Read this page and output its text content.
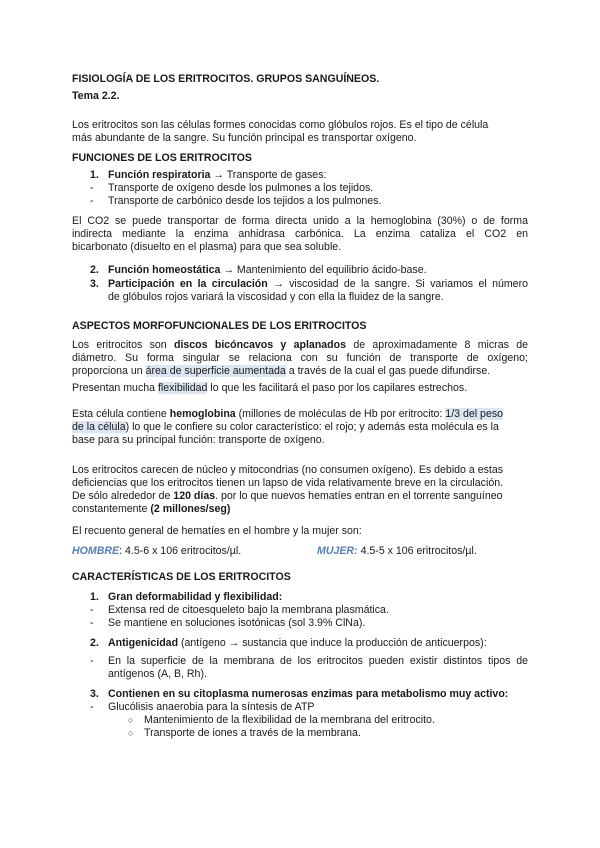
FISIOLOGÍA DE LOS ERITROCITOS. GRUPOS SANGUÍNEOS.
Tema 2.2.
Los eritrocitos son las células formes conocidas como glóbulos rojos. Es el tipo de célula
más abundante de la sangre. Su función principal es transportar oxígeno.
FUNCIONES DE LOS ERITROCITOS
1. Función respiratoria → Transporte de gases:
- Transporte de oxígeno desde los pulmones a los tejidos.
- Transporte de carbónico desde los tejidos a los pulmones.
El CO2 se puede transportar de forma directa unido a la hemoglobina (30%) o de forma
indirecta mediante la enzima anhidrasa carbónica. La enzima cataliza el CO2 en
bicarbonato (disuelto en el plasma) para que sea soluble.
2. Función homeostática → Mantenimiento del equilibrio ácido-base.
3. Participación en la circulación → viscosidad de la sangre. Si variamos el número
de glóbulos rojos variará la viscosidad y con ella la fluidez de la sangre.
ASPECTOS MORFOFUNCIONALES DE LOS ERITROCITOS
Los eritrocitos son discos bicóncavos y aplanados de aproximadamente 8 micras de
diámetro. Su forma singular se relaciona con su función de transporte de oxígeno;
proporciona un área de superficie aumentada a través de la cual el gas puede difundirse.
Presentan mucha flexibilidad lo que les facilitará el paso por los capilares estrechos.
Esta célula contiene hemoglobina (millones de moléculas de Hb por eritrocito: 1/3 del peso
de la célula) lo que le confiere su color característico: el rojo; y además esta molécula es la
base para su principal función: transporte de oxígeno.
Los eritrocitos carecen de núcleo y mitocondrias (no consumen oxígeno). Es debido a estas
deficiencias que los eritrocitos tienen un lapso de vida relativamente breve en la circulación.
De sólo alrededor de 120 días. por lo que nuevos hematíes entran en el torrente sanguíneo
constantemente (2 millones/seg)
El recuento general de hematíes en el hombre y la mujer son:
HOMBRE: 4.5-6 x 106 eritrocitos/µl.	MUJER: 4.5-5 x 106 eritrocitos/µl.
CARACTERÍSTICAS DE LOS ERITROCITOS
1. Gran deformabilidad y flexibilidad:
- Extensa red de citoesqueleto bajo la membrana plasmática.
- Se mantiene en soluciones isotónicas (sol 3.9% ClNa).
2. Antigenicidad (antígeno → sustancia que induce la producción de anticuerpos):
- En la superficie de la membrana de los eritrocitos pueden existir distintos tipos de
antígenos (A, B, Rh).
3. Contienen en su citoplasma numerosas enzimas para metabolismo muy activo:
- Glucólisis anaerobia para la síntesis de ATP
○ Mantenimiento de la flexibilidad de la membrana del eritrocito.
○ Transporte de iones a través de la membrana.
